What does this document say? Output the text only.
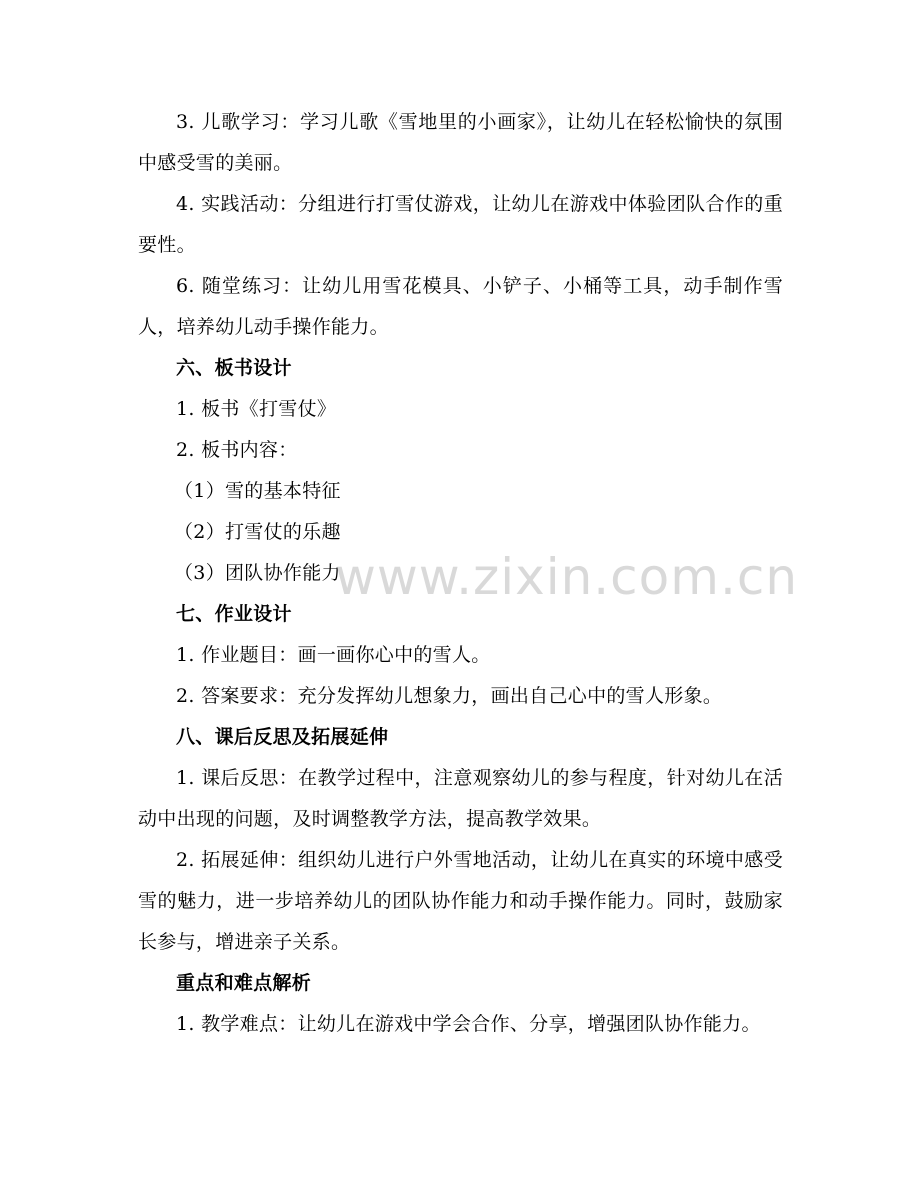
3. 儿歌学习：学习儿歌《雪地里的小画家》，让幼儿在轻松愉快的氛围中感受雪的美丽。

4. 实践活动：分组进行打雪仗游戏，让幼儿在游戏中体验团队合作的重要性。

6. 随堂练习：让幼儿用雪花模具、小铲子、小桶等工具，动手制作雪人，培养幼儿动手操作能力。

六、板书设计

1. 板书《打雪仗》

2. 板书内容：

（1）雪的基本特征

（2）打雪仗的乐趣

（3）团队协作能力

七、作业设计

1. 作业题目：画一画你心中的雪人。

2. 答案要求：充分发挥幼儿想象力，画出自己心中的雪人形象。

八、课后反思及拓展延伸

1. 课后反思：在教学过程中，注意观察幼儿的参与程度，针对幼儿在活动中出现的问题，及时调整教学方法，提高教学效果。

2. 拓展延伸：组织幼儿进行户外雪地活动，让幼儿在真实的环境中感受雪的魅力，进一步培养幼儿的团队协作能力和动手操作能力。同时，鼓励家长参与，增进亲子关系。

重点和难点解析

1. 教学难点：让幼儿在游戏中学会合作、分享，增强团队协作能力。

www.zixin.com.cn
